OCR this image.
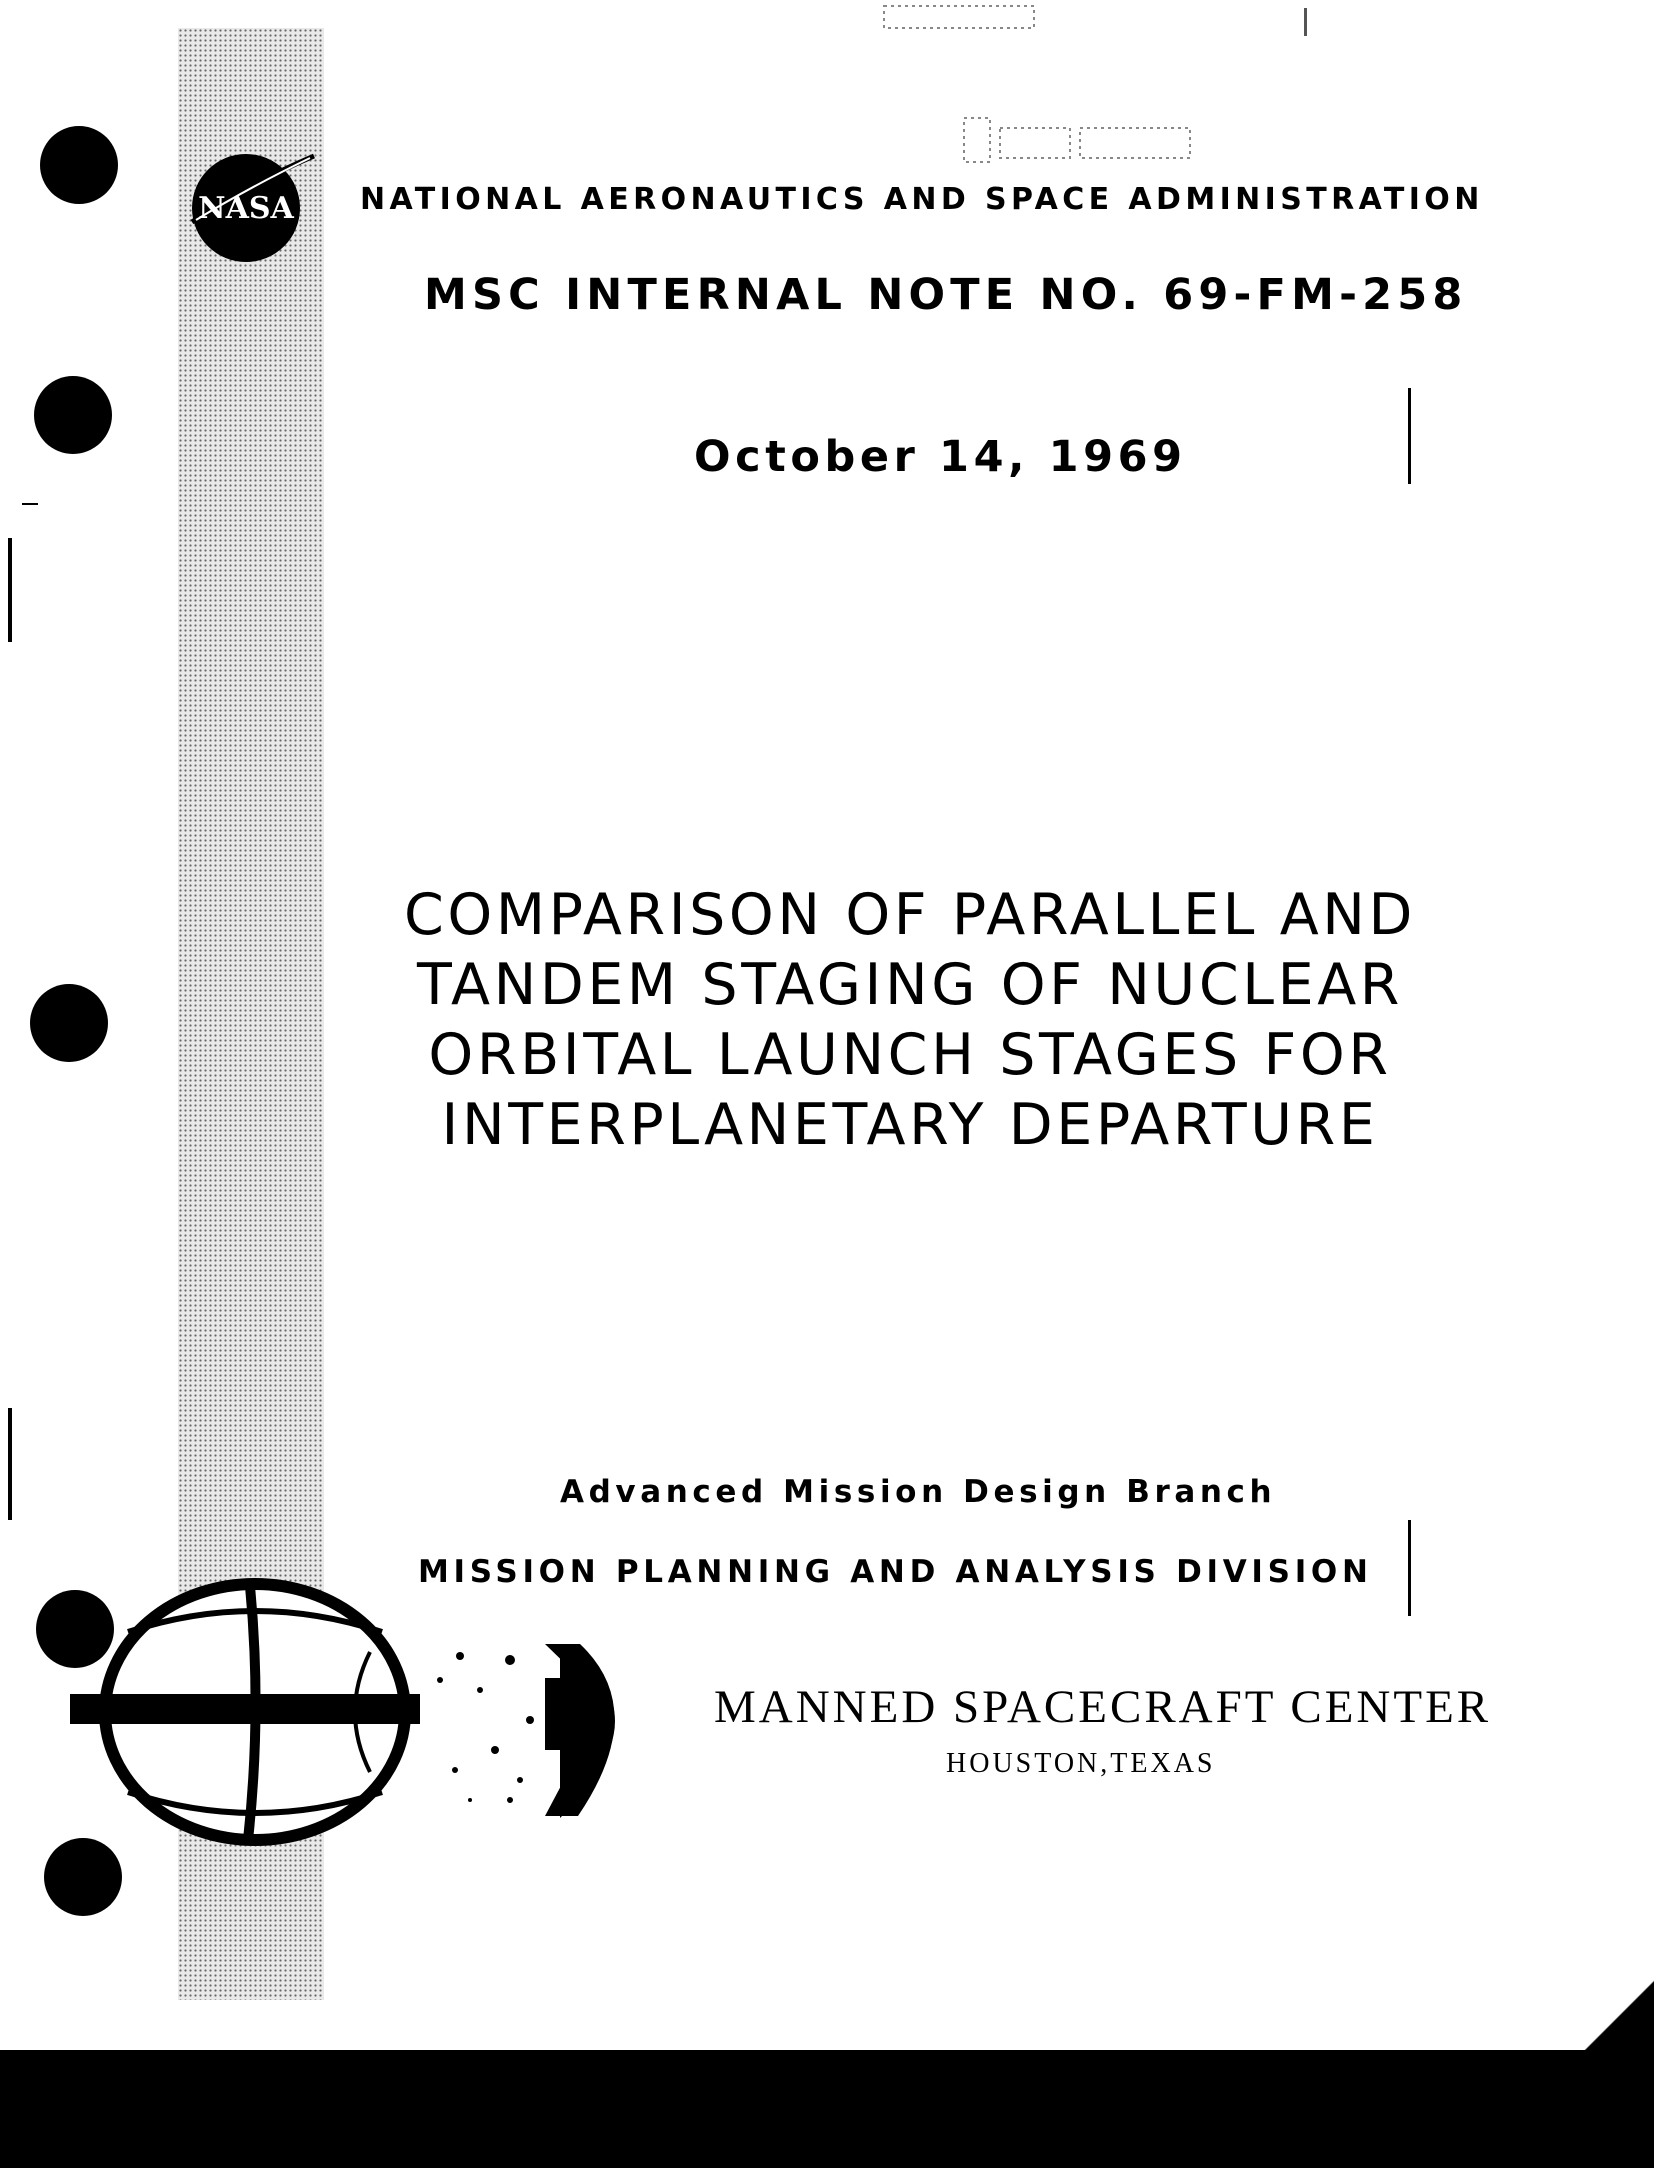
NASA NATIONAL AERONAUTICS AND SPACE ADMINISTRATION
MSC INTERNAL NOTE NO. 69-FM-258
October 14, 1969
COMPARISON OF PARALLEL AND
TANDEM STAGING OF NUCLEAR
ORBITAL LAUNCH STAGES FOR
INTERPLANETARY DEPARTURE
Advanced Mission Design Branch
MISSION PLANNING AND ANALYSIS DIVISION
MANNED SPACECRAFT CENTER
HOUSTON,TEXAS
